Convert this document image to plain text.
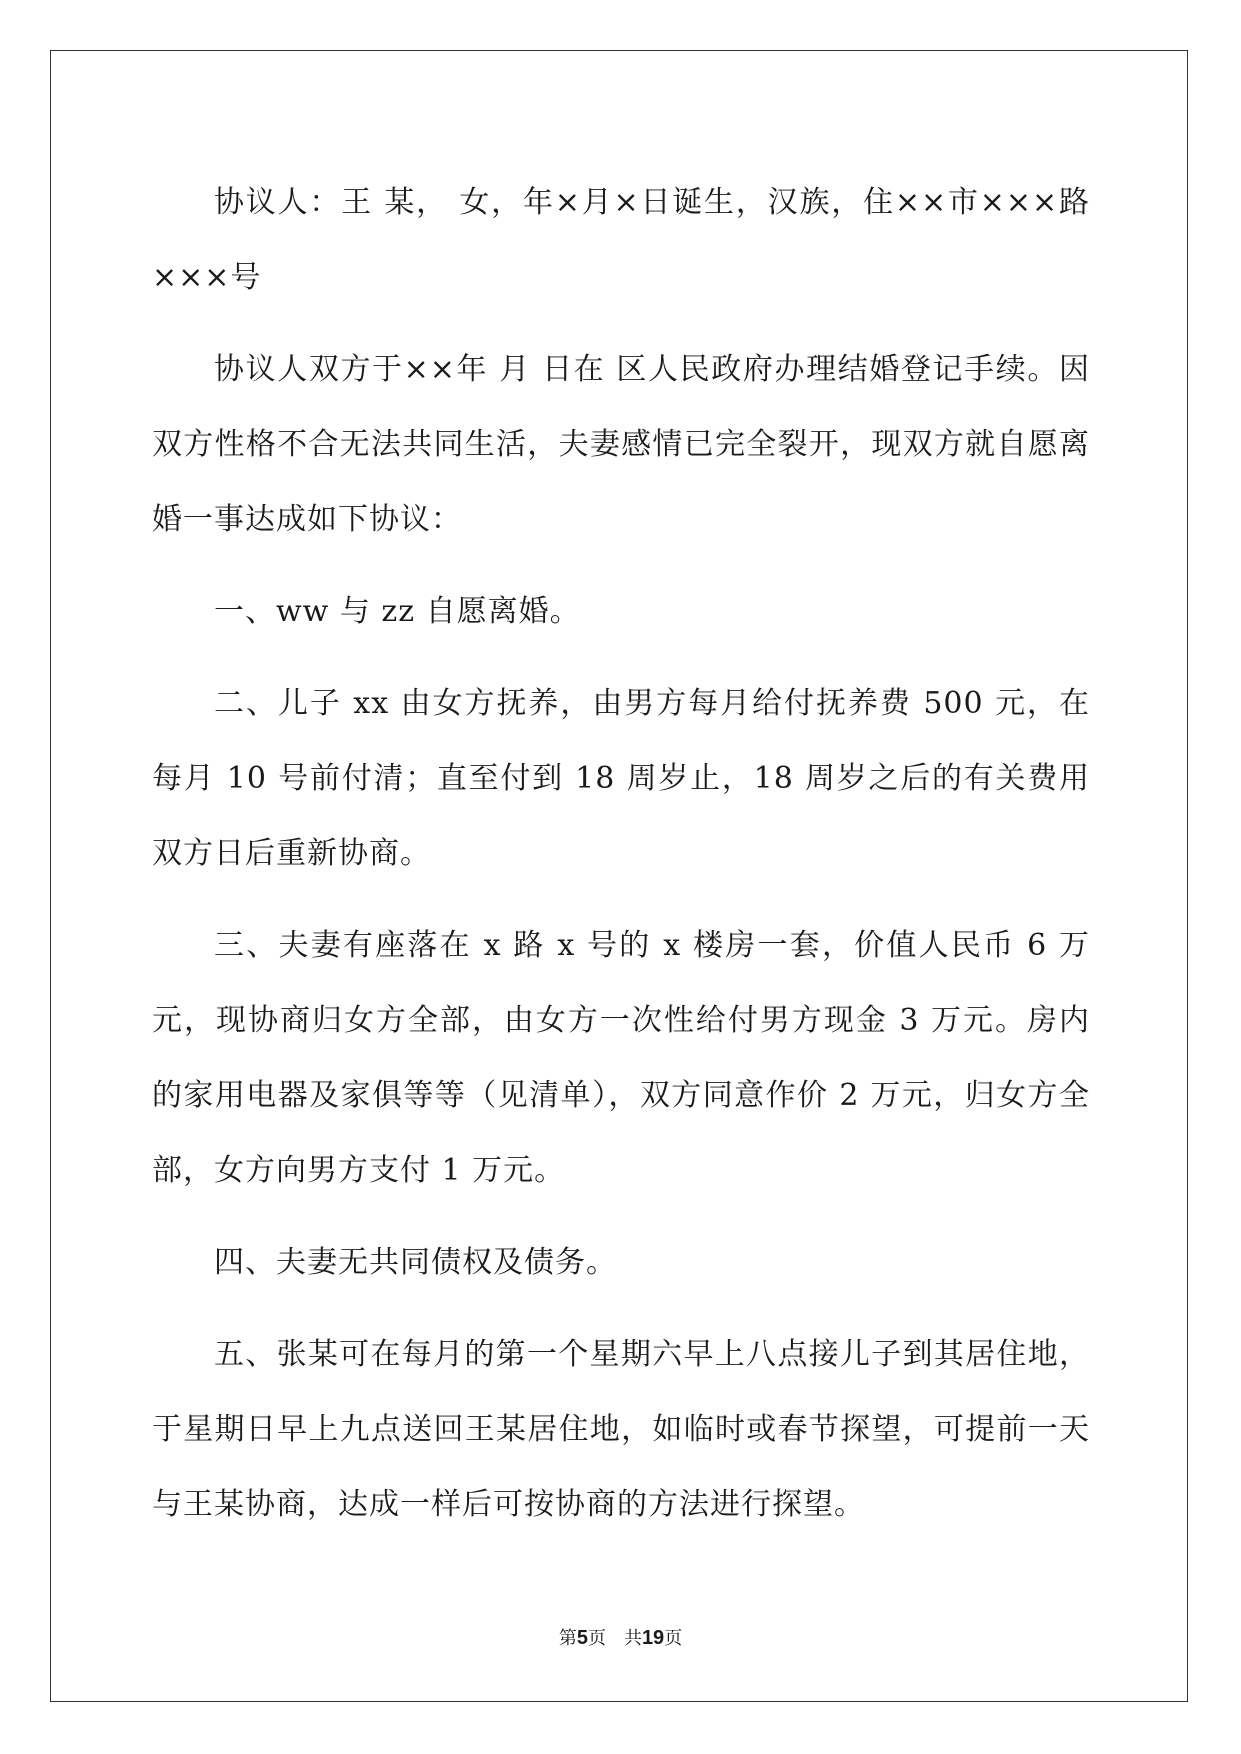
协议人：王 某， 女，年×月×日诞生，汉族，住××市×××路×××号

协议人双方于××年 月 日在 区人民政府办理结婚登记手续。因双方性格不合无法共同生活，夫妻感情已完全裂开，现双方就自愿离婚一事达成如下协议：

一、ww 与 zz 自愿离婚。

二、儿子 xx 由女方抚养，由男方每月给付抚养费 500 元，在每月 10 号前付清；直至付到 18 周岁止，18 周岁之后的有关费用双方日后重新协商。

三、夫妻有座落在 x 路 x 号的 x 楼房一套，价值人民币 6 万元，现协商归女方全部，由女方一次性给付男方现金 3 万元。房内的家用电器及家俱等等（见清单），双方同意作价 2 万元，归女方全部，女方向男方支付 1 万元。

四、夫妻无共同债权及债务。

五、张某可在每月的第一个星期六早上八点接儿子到其居住地，于星期日早上九点送回王某居住地，如临时或春节探望，可提前一天与王某协商，达成一样后可按协商的方法进行探望。

第5页 共19页
